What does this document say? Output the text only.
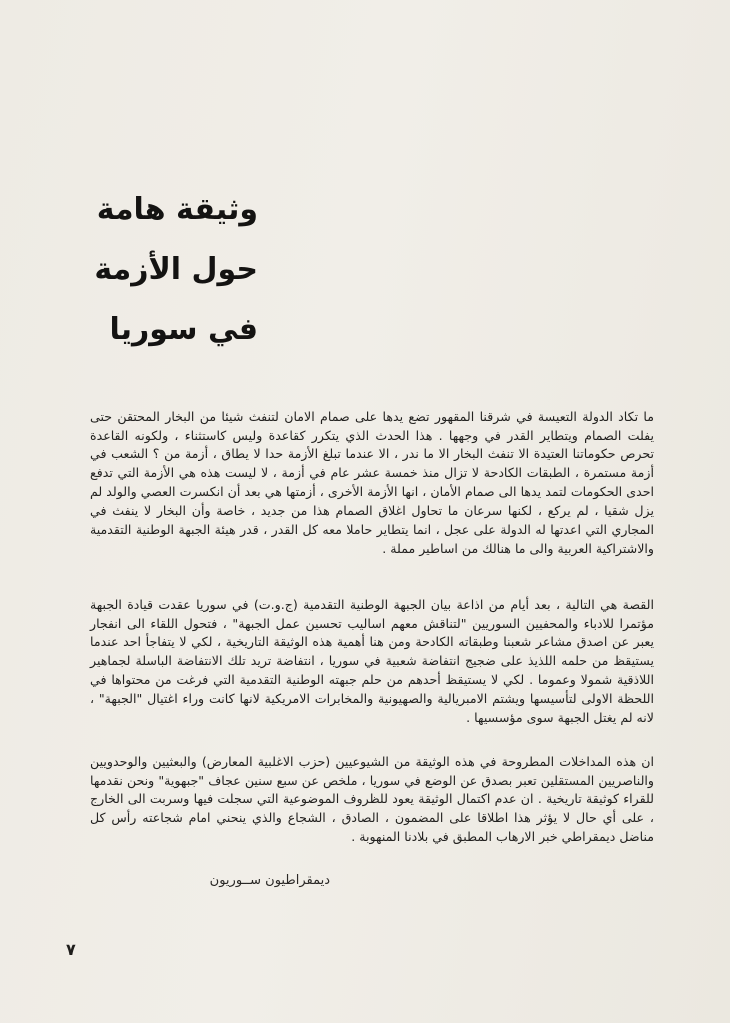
وثيقة هامة
حول الأزمة
في سوريا

ما تكاد الدولة التعيسة في شرقنا المقهور تضع يدها على صمام الامان لتنفث شيئا من البخار المحتقن حتى يفلت الصمام ويتطاير القدر في وجهها . هذا الحدث الذي يتكرر كقاعدة وليس كاستثناء ، ولكونه القاعدة تحرص حكوماتنا العتيدة الا تنفث البخار الا ما ندر ، الا عندما تبلغ الأزمة حدا لا يطاق ، أزمة من ؟ الشعب في أزمة مستمرة ، الطبقات الكادحة لا تزال منذ خمسة عشر عام في أزمة ، لا ليست هذه هي الأزمة التي تدفع احدى الحكومات لتمد يدها الى صمام الأمان ، انها الأزمة الأخرى ، أزمتها هي بعد أن انكسرت العصي والولد لم يزل شقيا ، لم يركع ، لكنها سرعان ما تحاول اغلاق الصمام هذا من جديد ، خاصة وأن البخار لا ينفث في المجاري التي اعدتها له الدولة على عجل ، انما يتطاير حاملا معه كل القدر ، قدر هيئة الجبهة الوطنية التقدمية والاشتراكية العربية والى ما هنالك من اساطير مملة .

القصة هي التالية ، بعد أيام من اذاعة بيان الجبهة الوطنية التقدمية (ج.و.ت) في سوريا عقدت قيادة الجبهة مؤتمرا للادباء والمحفيين السوريين "لتناقش معهم اساليب تحسين عمل الجبهة" ، فتحول اللقاء الى انفجار يعبر عن اصدق مشاعر شعبنا وطبقاته الكادحة ومن هنا أهمية هذه الوثيقة التاريخية ، لكي لا يتفاجأ احد عندما يستيقظ من حلمه اللذيذ على ضجيج انتفاضة شعبية في سوريا ، انتفاضة تريد تلك الانتفاضة الباسلة لجماهير اللاذقية شمولا وعموما . لكي لا يستيقظ أحدهم من حلم جبهته الوطنية التقدمية التي فرغت من محتواها في اللحظة الاولى لتأسيسها ويشتم الامبريالية والصهيونية والمخابرات الامريكية لانها كانت وراء اغتيال "الجبهة" ، لانه لم يغتل الجبهة سوى مؤسسيها .

ان هذه المداخلات المطروحة في هذه الوثيقة من الشيوعيين (حزب الاغلبية المعارض) والبعثيين والوحدويين والناصريين المستقلين تعبر بصدق عن الوضع في سوريا ، ملخص عن سبع سنين عجاف "جبهوية" ونحن نقدمها للقراء كوثيقة تاريخية . ان عدم اكتمال الوثيقة يعود للظروف الموضوعية التي سجلت فيها وسربت الى الخارج ، على أي حال لا يؤثر هذا اطلاقا على المضمون ، الصادق ، الشجاع والذي ينحني امام شجاعته رأس كل مناضل ديمقراطي خبر الارهاب المطبق في بلادنا المنهوبة .

ديمقراطيون ســوريون
٧
